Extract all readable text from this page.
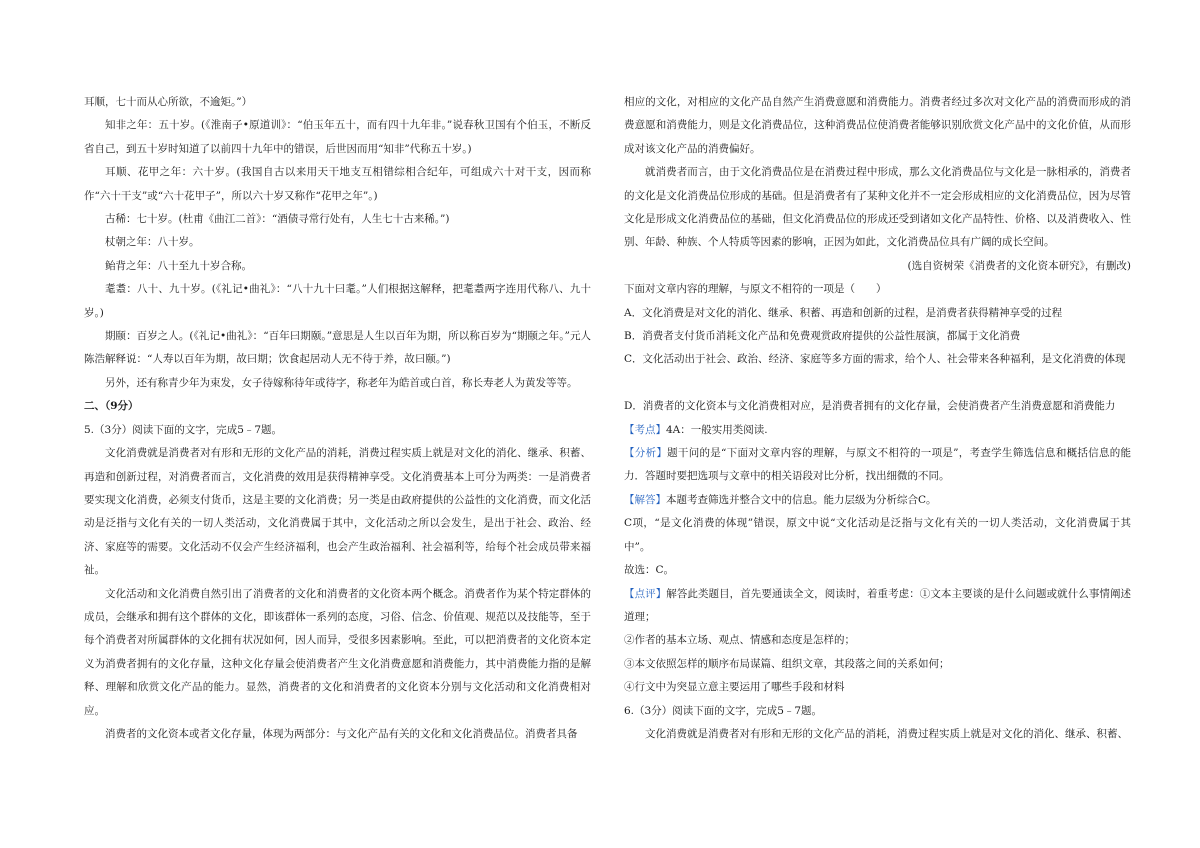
耳顺，七十而从心所欲，不逾矩。”）

知非之年：五十岁。(《淮南子•原道训》：“伯玉年五十，而有四十九年非。”说春秋卫国有个伯玉，不断反省自己，到五十岁时知道了以前四十九年中的错误，后世因而用“知非”代称五十岁。)

耳顺、花甲之年：六十岁。(我国自古以来用天干地支互相错综相合纪年，可组成六十对干支，因而称作“六十干支”或“六十花甲子”，所以六十岁又称作“花甲之年”。)

古稀：七十岁。(杜甫《曲江二首》：“酒债寻常行处有，人生七十古来稀。”)

杖朝之年：八十岁。

鲐背之年：八十至九十岁合称。

耄耋：八十、九十岁。(《礼记•曲礼》：“八十九十曰耄。”人们根据这解释，把耄耋两字连用代称八、九十岁。)

期颐：百岁之人。(《礼记•曲礼》：“百年曰期颐。”意思是人生以百年为期，所以称百岁为“期颐之年。”元人陈浩解释说：“人寿以百年为期，故曰期；饮食起居动人无不待于养，故曰颐。”)

另外，还有称青少年为束发，女子待嫁称待年或待字，称老年为皓首或白首，称长寿老人为黄发等等。

二、（9分）

5.（3分）阅读下面的文字，完成5﹣7题。

文化消费就是消费者对有形和无形的文化产品的消耗，消费过程实质上就是对文化的消化、继承、积蓄、再造和创新过程，对消费者而言，文化消费的效用是获得精神享受。文化消费基本上可分为两类：一是消费者要实现文化消费，必须支付货币，这是主要的文化消费；另一类是由政府提供的公益性的文化消费，而文化活动是泛指与文化有关的一切人类活动，文化消费属于其中，文化活动之所以会发生，是出于社会、政治、经济、家庭等的需要。文化活动不仅会产生经济福利，也会产生政治福利、社会福利等，给每个社会成员带来福祉。

文化活动和文化消费自然引出了消费者的文化和消费者的文化资本两个概念。消费者作为某个特定群体的成员，会继承和拥有这个群体的文化，即该群体一系列的态度，习俗、信念、价值观、规范以及技能等，至于每个消费者对所属群体的文化拥有状况如何，因人而异，受很多因素影响。至此，可以把消费者的文化资本定义为消费者拥有的文化存量，这种文化存量会使消费者产生文化消费意愿和消费能力，其中消费能力指的是解释、理解和欣赏文化产品的能力。显然，消费者的文化和消费者的文化资本分别与文化活动和文化消费相对应。

消费者的文化资本或者文化存量，体现为两部分：与文化产品有关的文化和文化消费品位。消费者具备

相应的文化，对相应的文化产品自然产生消费意愿和消费能力。消费者经过多次对文化产品的消费而形成的消费意愿和消费能力，则是文化消费品位，这种消费品位使消费者能够识别欣赏文化产品中的文化价值，从而形成对该文化产品的消费偏好。

就消费者而言，由于文化消费品位是在消费过程中形成，那么文化消费品位与文化是一脉相承的，消费者的文化是文化消费品位形成的基础。但是消费者有了某种文化并不一定会形成相应的文化消费品位，因为尽管文化是形成文化消费品位的基础，但文化消费品位的形成还受到诸如文化产品特性、价格、以及消费收入、性别、年龄、种族、个人特质等因素的影响，正因为如此，文化消费品位具有广阔的成长空间。

(选自资树荣《消费者的文化资本研究》，有删改)

下面对文章内容的理解，与原文不相符的一项是（　　）

A．文化消费是对文化的消化、继承、积蓄、再造和创新的过程，是消费者获得精神享受的过程

B．消费者支付货币消耗文化产品和免费观赏政府提供的公益性展演，都属于文化消费

C．文化活动出于社会、政治、经济、家庭等多方面的需求，给个人、社会带来各种福利，是文化消费的体现

D．消费者的文化资本与文化消费相对应，是消费者拥有的文化存量，会使消费者产生消费意愿和消费能力

【考点】4A：一般实用类阅读.

【分析】题干问的是“下面对文章内容的理解，与原文不相符的一项是”，考查学生筛选信息和概括信息的能力．答题时要把选项与文章中的相关语段对比分析，找出细微的不同。

【解答】本题考查筛选并整合文中的信息。能力层级为分析综合C。

C项，“是文化消费的体现”错误，原文中说“文化活动是泛指与文化有关的一切人类活动，文化消费属于其中”。

故选：C。

【点评】解答此类题目，首先要通读全文，阅读时，着重考虑：①文本主要谈的是什么问题或就什么事情阐述道理；

②作者的基本立场、观点、情感和态度是怎样的；

③本文依照怎样的顺序布局谋篇、组织文章，其段落之间的关系如何；

④行文中为突显立意主要运用了哪些手段和材料

6.（3分）阅读下面的文字，完成5﹣7题。

文化消费就是消费者对有形和无形的文化产品的消耗，消费过程实质上就是对文化的消化、继承、积蓄、
